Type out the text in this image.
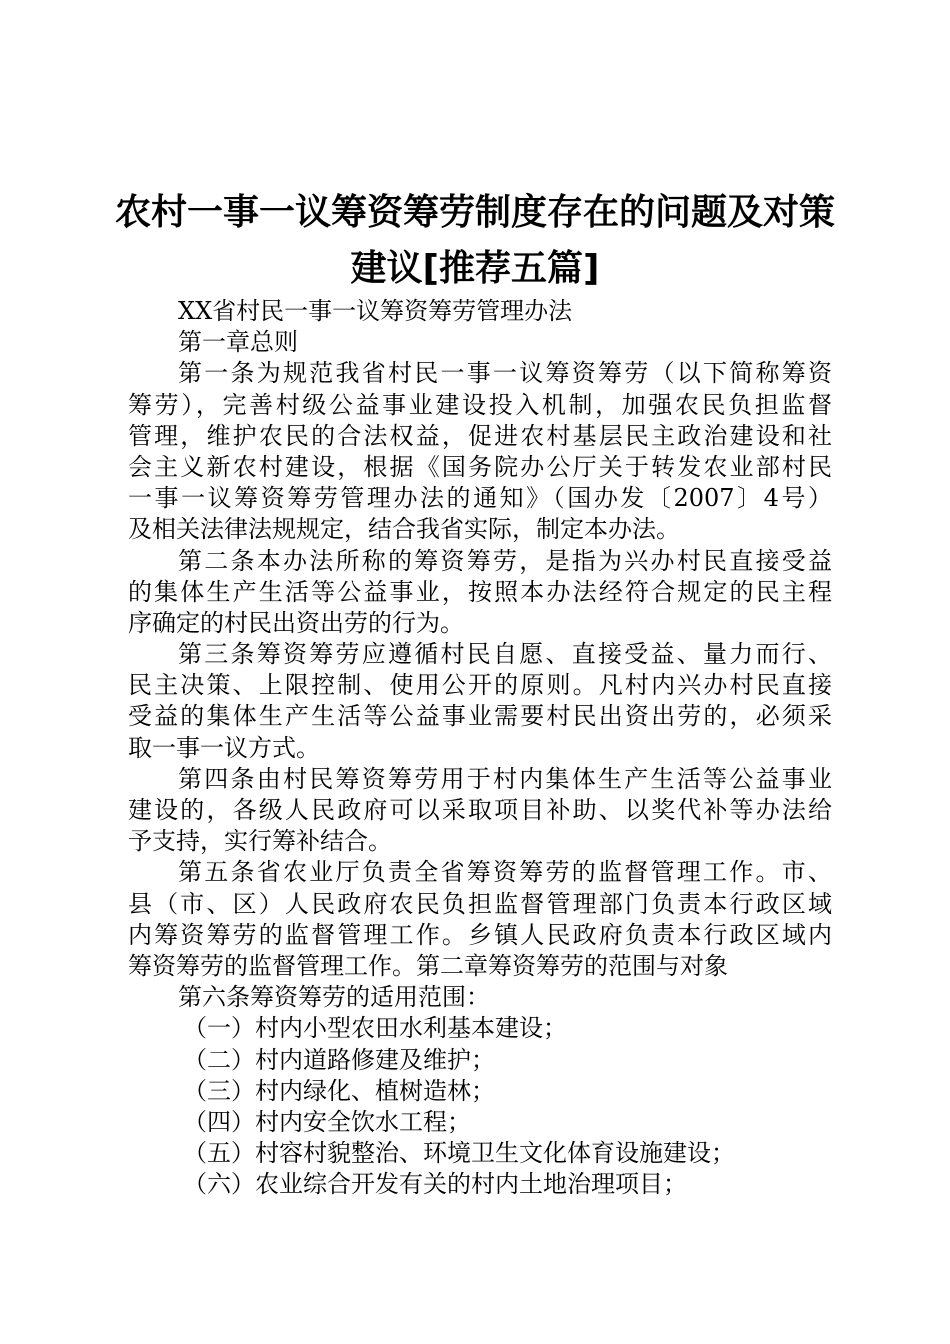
农村一事一议筹资筹劳制度存在的问题及对策
建议[推荐五篇]
XX省村民一事一议筹资筹劳管理办法
第一章总则
第一条为规范我省村民一事一议筹资筹劳（以下简称筹资
筹劳），完善村级公益事业建设投入机制，加强农民负担监督
管理，维护农民的合法权益，促进农村基层民主政治建设和社
会主义新农村建设，根据《国务院办公厅关于转发农业部村民
一事一议筹资筹劳管理办法的通知》（国办发〔2007〕4号）
及相关法律法规规定，结合我省实际，制定本办法。
第二条本办法所称的筹资筹劳，是指为兴办村民直接受益
的集体生产生活等公益事业，按照本办法经符合规定的民主程
序确定的村民出资出劳的行为。
第三条筹资筹劳应遵循村民自愿、直接受益、量力而行、
民主决策、上限控制、使用公开的原则。凡村内兴办村民直接
受益的集体生产生活等公益事业需要村民出资出劳的，必须采
取一事一议方式。
第四条由村民筹资筹劳用于村内集体生产生活等公益事业
建设的，各级人民政府可以采取项目补助、以奖代补等办法给
予支持，实行筹补结合。
第五条省农业厅负责全省筹资筹劳的监督管理工作。市、
县（市、区）人民政府农民负担监督管理部门负责本行政区域
内筹资筹劳的监督管理工作。乡镇人民政府负责本行政区域内
筹资筹劳的监督管理工作。第二章筹资筹劳的范围与对象
第六条筹资筹劳的适用范围：
（一）村内小型农田水利基本建设；
（二）村内道路修建及维护；
（三）村内绿化、植树造林；
（四）村内安全饮水工程；
（五）村容村貌整治、环境卫生文化体育设施建设；
（六）农业综合开发有关的村内土地治理项目；
